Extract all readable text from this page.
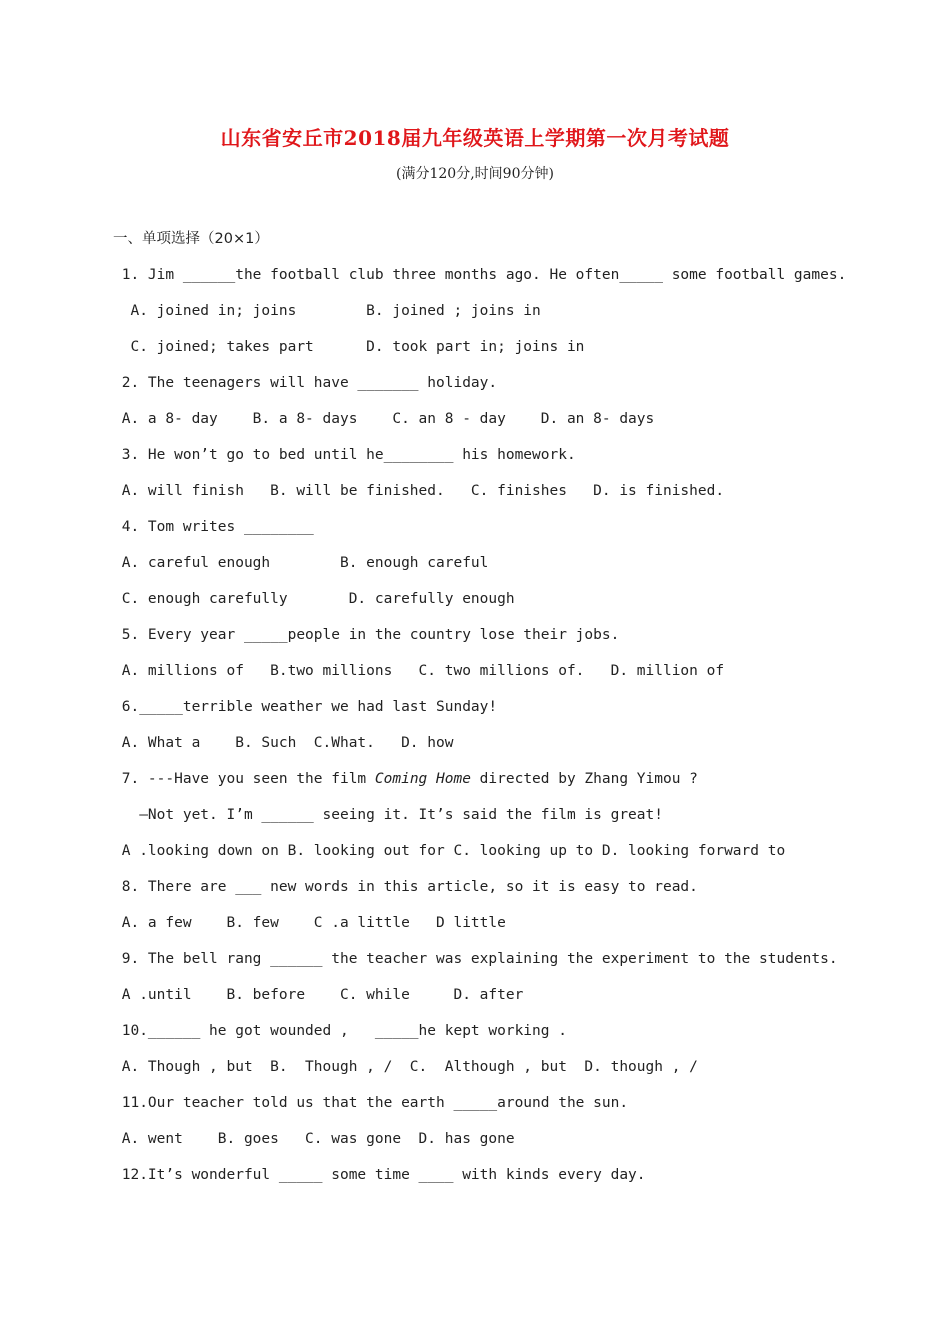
山东省安丘市2018届九年级英语上学期第一次月考试题
(满分120分,时间90分钟)
一、单项选择（20×1）
1. Jim ______the football club three months ago. He often_____ some football games.
A. joined in; joins        B. joined ; joins in
C. joined; takes part      D. took part in; joins in
2. The teenagers will have _______ holiday.
A. a 8- day    B. a 8- days    C. an 8 - day    D. an 8- days
3. He won’t go to bed until he________ his homework.
A. will finish   B. will be finished.   C. finishes   D. is finished.
4. Tom writes ________
A. careful enough        B. enough careful
C. enough carefully       D. carefully enough
5. Every year _____people in the country lose their jobs.
A. millions of   B.two millions   C. two millions of.   D. million of
6._____terrible weather we had last Sunday!
A. What a    B. Such  C.What.   D. how
7. ---Have you seen the film Coming Home directed by Zhang Yimou ?
–Not yet. I’m ______ seeing it. It’s said the film is great!
A .looking down on B. looking out for C. looking up to D. looking forward to
8. There are ___ new words in this article, so it is easy to read.
A. a few    B. few    C .a little   D little
9. The bell rang ______ the teacher was explaining the experiment to the students.
A .until    B. before    C. while     D. after
10.______ he got wounded ,   _____he kept working .
A. Though , but  B.  Though , /  C.  Although , but  D. though , /
11.Our teacher told us that the earth _____around the sun.
A. went    B. goes   C. was gone  D. has gone
12.It’s wonderful _____ some time ____ with kinds every day.
